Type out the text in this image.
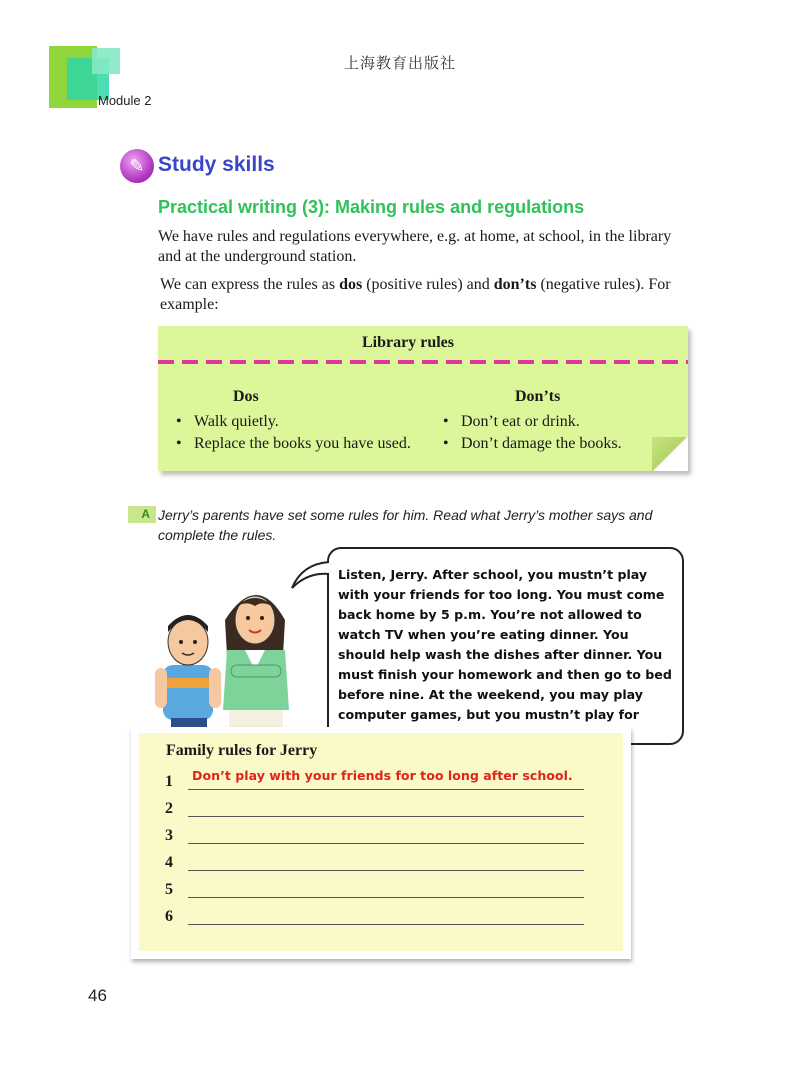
上海教育出版社
Module 2
✎ Study skills
Practical writing (3): Making rules and regulations
We have rules and regulations everywhere, e.g. at home, at school, in the library and at the underground station.
We can express the rules as dos (positive rules) and don’ts (negative rules). For example:
Library rules
Dos	Don’ts
• Walk quietly.
• Replace the books you have used.
• Don’t eat or drink.
• Don’t damage the books.
A Jerry’s parents have set some rules for him. Read what Jerry’s mother says and complete the rules.
Listen, Jerry. After school, you mustn’t play with your friends for too long. You must come back home by 5 p.m. You’re not allowed to watch TV when you’re eating dinner. You should help wash the dishes after dinner. You must finish your homework and then go to bed before nine. At the weekend, you may play computer games, but you mustn’t play for
Family rules for Jerry
1 Don’t play with your friends for too long after school.
2
3
4
5
6
46
